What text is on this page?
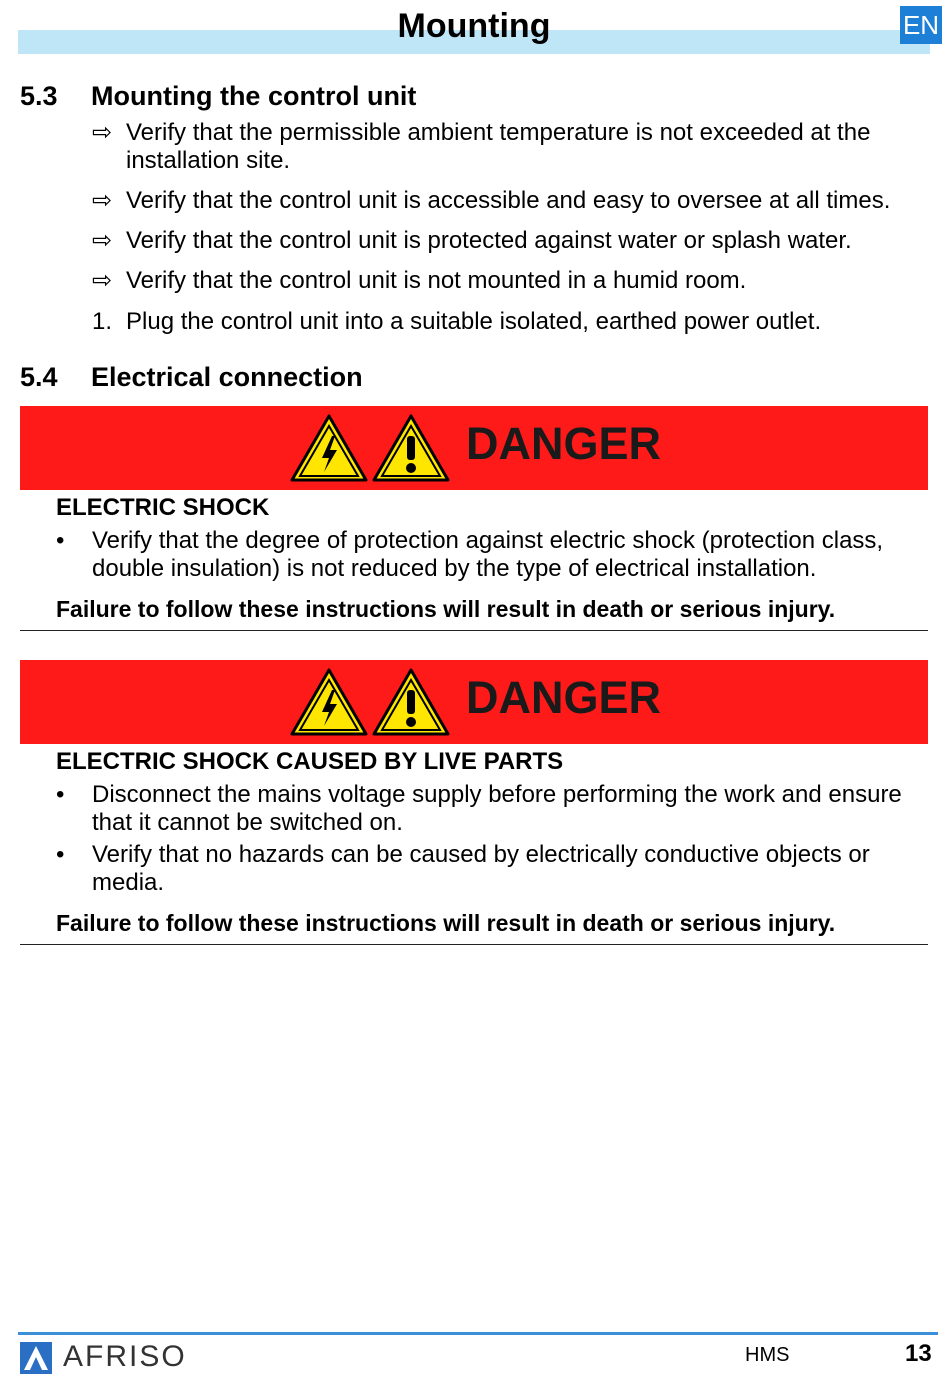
Mounting	EN
5.3 Mounting the control unit
⇨ Verify that the permissible ambient temperature is not exceeded at the installation site.
⇨ Verify that the control unit is accessible and easy to oversee at all times.
⇨ Verify that the control unit is protected against water or splash water.
⇨ Verify that the control unit is not mounted in a humid room.
1. Plug the control unit into a suitable isolated, earthed power outlet.
5.4 Electrical connection
DANGER
ELECTRIC SHOCK
• Verify that the degree of protection against electric shock (protection class, double insulation) is not reduced by the type of electrical installation.
Failure to follow these instructions will result in death or serious injury.
DANGER
ELECTRIC SHOCK CAUSED BY LIVE PARTS
• Disconnect the mains voltage supply before performing the work and ensure that it cannot be switched on.
• Verify that no hazards can be caused by electrically conductive objects or media.
Failure to follow these instructions will result in death or serious injury.
AFRISO	HMS	13
